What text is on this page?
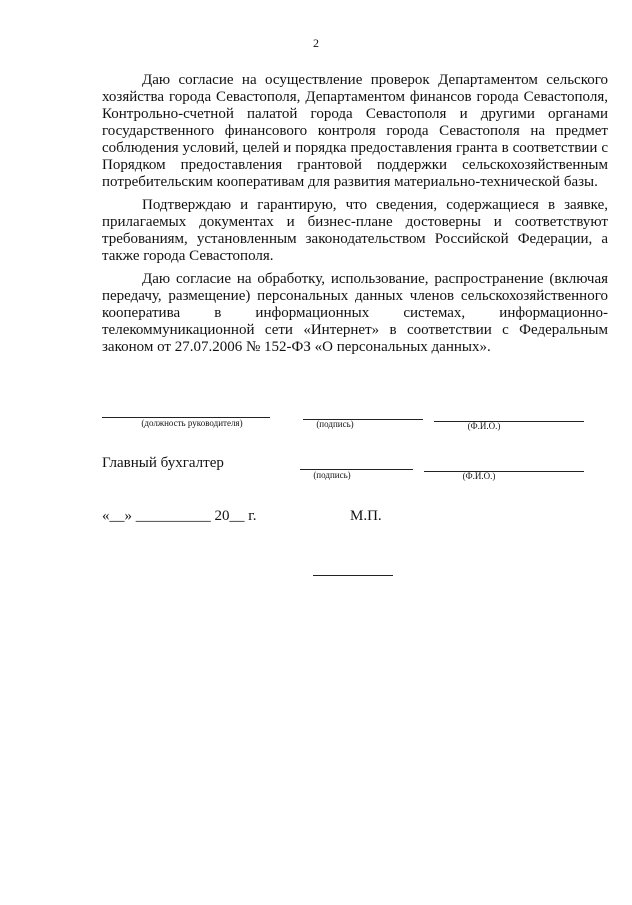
2

Даю согласие на осуществление проверок Департаментом сельского хозяйства города Севастополя, Департаментом финансов города Севастополя, Контрольно-счетной палатой города Севастополя и другими органами государственного финансового контроля города Севастополя на предмет соблюдения условий, целей и порядка предоставления гранта в соответствии с Порядком предоставления грантовой поддержки сельскохозяйственным потребительским кооперативам для развития материально-технической базы.

Подтверждаю и гарантирую, что сведения, содержащиеся в заявке, прилагаемых документах и бизнес-плане достоверны и соответствуют требованиям, установленным законодательством Российской Федерации, а также города Севастополя.

Даю согласие на обработку, использование, распространение (включая передачу, размещение) персональных данных членов сельскохозяйственного кооператива в информационных системах, информационно-телекоммуникационной сети «Интернет» в соответствии с Федеральным законом от 27.07.2006 № 152-ФЗ «О персональных данных».

(должность руководителя)	(подпись)	(Ф.И.О.)
Главный бухгалтер
(подпись)	(Ф.И.О.)
«__» __________ 20__ г.	М.П.
